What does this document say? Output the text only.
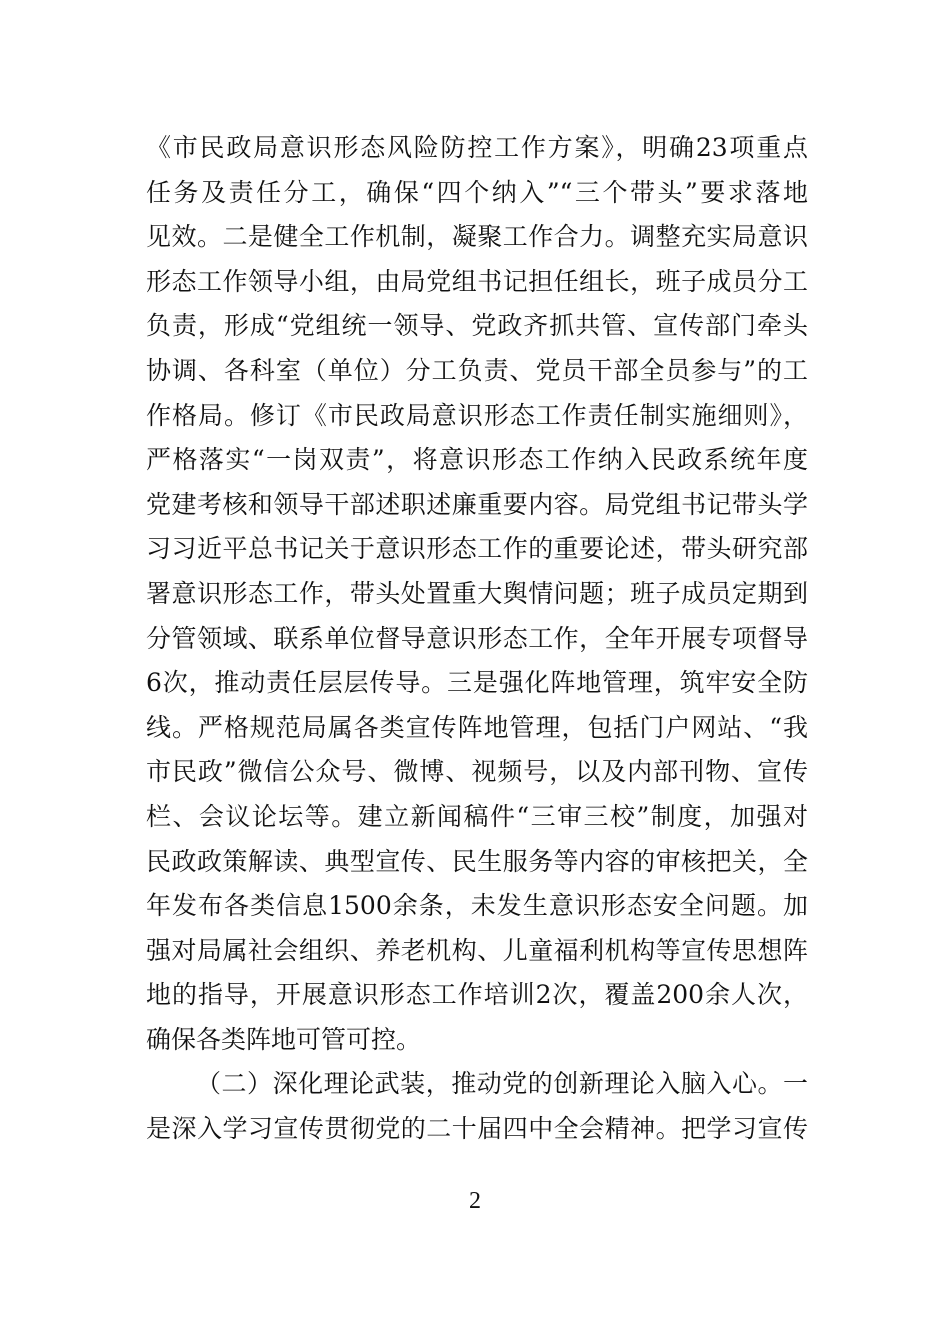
《市民政局意识形态风险防控工作方案》，明确23项重点
任务及责任分工，确保“四个纳入”“三个带头”要求落地
见效。二是健全工作机制，凝聚工作合力。调整充实局意识
形态工作领导小组，由局党组书记担任组长，班子成员分工
负责，形成“党组统一领导、党政齐抓共管、宣传部门牵头
协调、各科室（单位）分工负责、党员干部全员参与”的工
作格局。修订《市民政局意识形态工作责任制实施细则》，
严格落实“一岗双责”，将意识形态工作纳入民政系统年度
党建考核和领导干部述职述廉重要内容。局党组书记带头学
习习近平总书记关于意识形态工作的重要论述，带头研究部
署意识形态工作，带头处置重大舆情问题；班子成员定期到
分管领域、联系单位督导意识形态工作，全年开展专项督导
6次，推动责任层层传导。三是强化阵地管理，筑牢安全防
线。严格规范局属各类宣传阵地管理，包括门户网站、“我
市民政”微信公众号、微博、视频号，以及内部刊物、宣传
栏、会议论坛等。建立新闻稿件“三审三校”制度，加强对
民政政策解读、典型宣传、民生服务等内容的审核把关，全
年发布各类信息1500余条，未发生意识形态安全问题。加
强对局属社会组织、养老机构、儿童福利机构等宣传思想阵
地的指导，开展意识形态工作培训2次，覆盖200余人次，
确保各类阵地可管可控。
（二）深化理论武装，推动党的创新理论入脑入心。一
是深入学习宣传贯彻党的二十届四中全会精神。把学习宣传
2
